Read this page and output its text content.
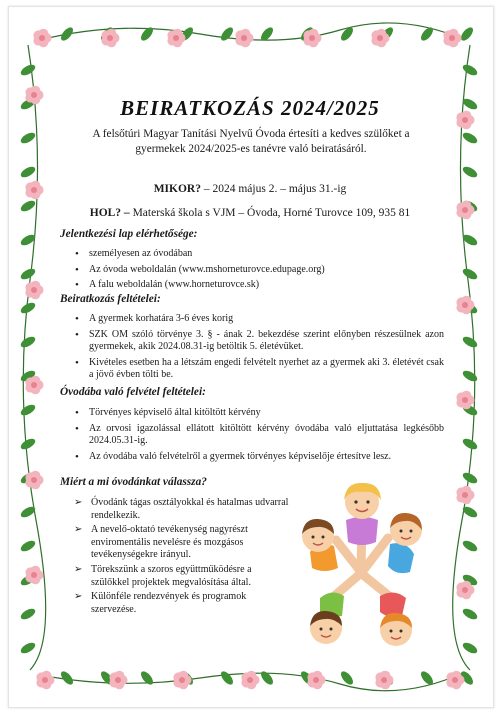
BEIRATKOZÁS 2024/2025

A felsőtúri Magyar Tanítási Nyelvű Óvoda értesíti a kedves szülőket a gyermekek 2024/2025-es tanévre való beiratásáról.

MIKOR? – 2024 május 2. – május 31.-ig

HOL? – Materská škola s VJM – Óvoda, Horné Turovce 109, 935 81

Jelentkezési lap elérhetősége:
• személyesen az óvodában
• Az óvoda weboldalán (www.mshorneturovce.edupage.org)
• A falu weboldalán (www.horneturovce.sk)
Beiratkozás feltételei:
• A gyermek korhatára 3-6 éves korig
• SZK OM szóló törvénye 3. § - ának 2. bekezdése szerint előnyben részesülnek azon gyermekek, akik 2024.08.31-ig betöltik 5. életévüket.
• Kivételes esetben ha a létszám engedi felvételt nyerhet az a gyermek aki 3. életévét csak a jövő évben tölti be.
Óvodába való felvétel feltételei:
• Törvényes képviselő által kitöltött kérvény
• Az orvosi igazolással ellátott kitöltött kérvény óvodába való eljuttatása legkésőbb 2024.05.31-ig.
• Az óvodába való felvételről a gyermek törvényes képviselője értesítve lesz.
Miért a mi óvodánkat válassza?
➢ Óvodánk tágas osztályokkal és hatalmas udvarral rendelkezik.
➢ A nevelő-oktató tevékenység nagyrészt enviromentális nevelésre és mozgásos tevékenységekre irányul.
➢ Törekszünk a szoros együttműködésre a szülőkkel projektek megvalósítása által.
➢ Különféle rendezvények és programok szervezése.
